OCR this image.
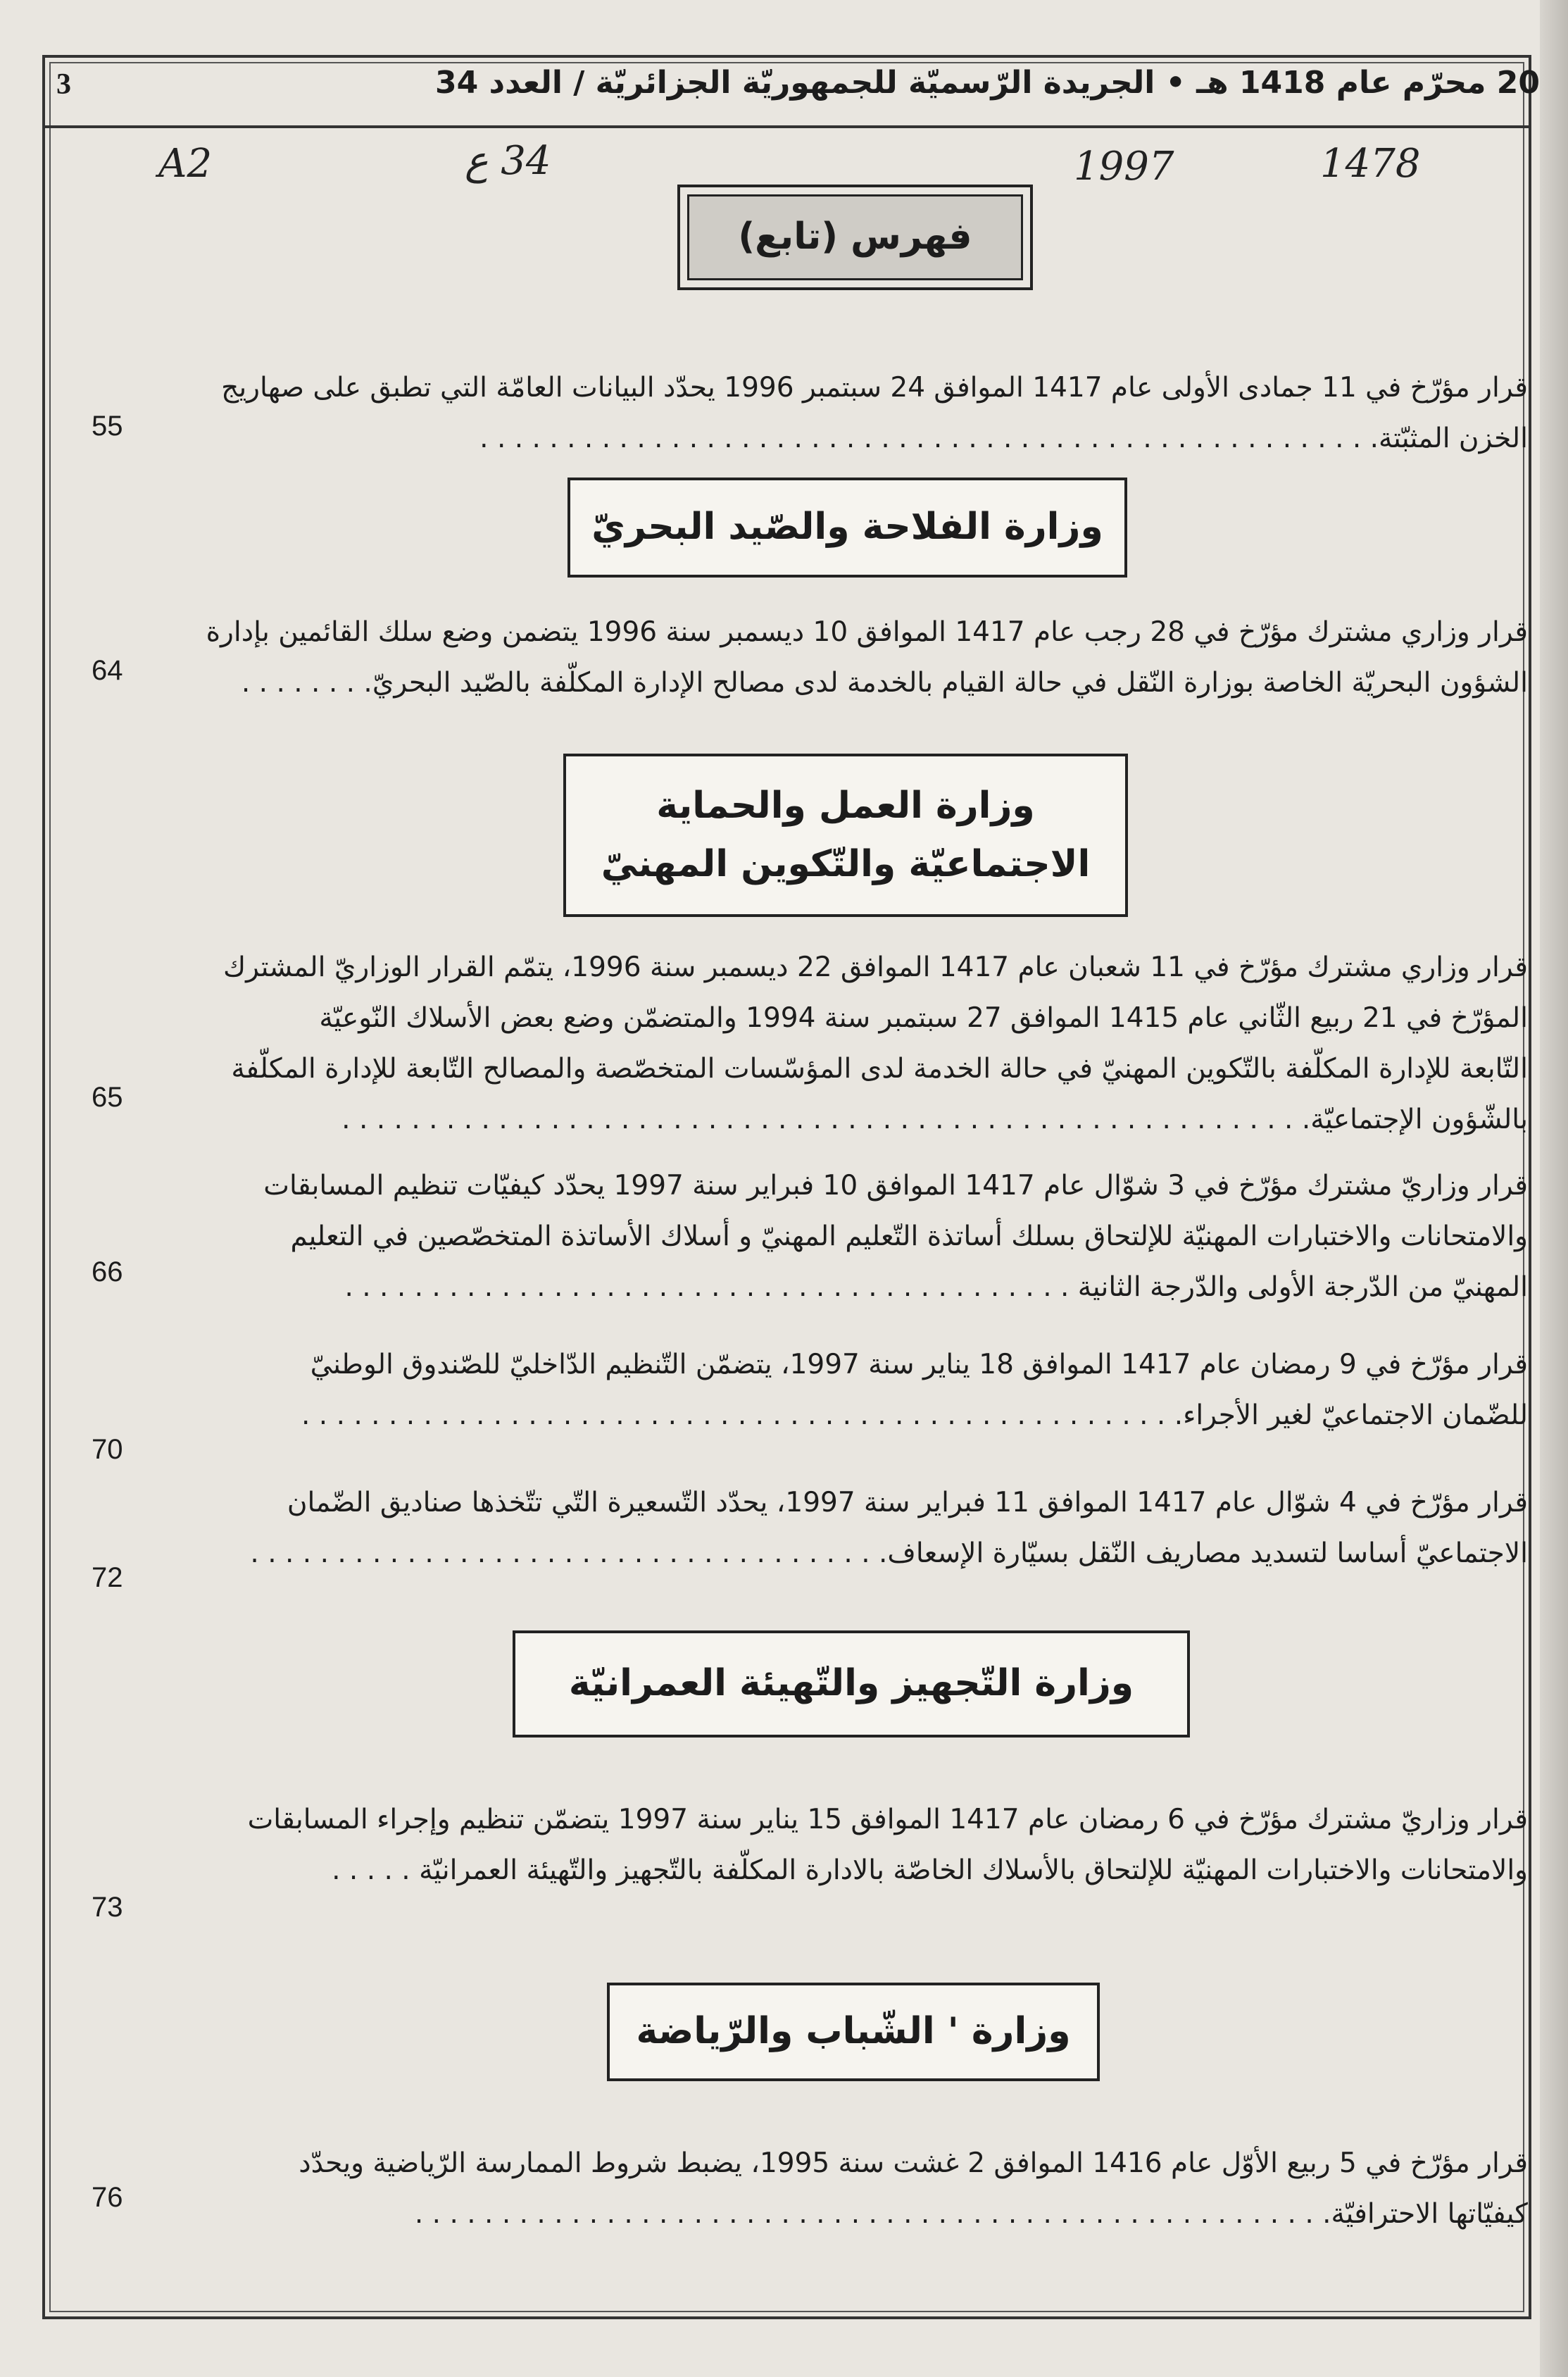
3	20 محرّم عام 1418 هـ • الجريدة الرّسميّة للجمهوريّة الجزائريّة / العدد 34
A2	34 ع	1997	1478
فهرس (تابع)
قرار مؤرّخ في 11 جمادى الأولى عام 1417 الموافق 24 سبتمبر 1996 يحدّد البيانات العامّة التي تطبق على صهاريج
الخزن المثبّتة. . . . . . . . . . . . . . . . . . . . . . . . . . . . . . . . . . . . . . . . . . . . . . . . . . . .
55
وزارة الفلاحة والصّيد البحريّ
قرار وزاري مشترك مؤرّخ في 28 رجب عام 1417 الموافق 10 ديسمبر سنة 1996 يتضمن وضع سلك القائمين بإدارة
الشؤون البحريّة الخاصة بوزارة النّقل في حالة القيام بالخدمة لدى مصالح الإدارة المكلّفة بالصّيد البحريّ. . . . . . . .
64
وزارة العمل والحماية
الاجتماعيّة والتّكوين المهنيّ
قرار وزاري مشترك مؤرّخ في 11 شعبان عام 1417 الموافق 22 ديسمبر سنة 1996، يتمّم القرار الوزاريّ المشترك
المؤرّخ في 21 ربيع الثّاني عام 1415 الموافق 27 سبتمبر سنة 1994 والمتضمّن وضع بعض الأسلاك النّوعيّة
التّابعة للإدارة المكلّفة بالتّكوين المهنيّ في حالة الخدمة لدى المؤسّسات المتخصّصة والمصالح التّابعة للإدارة المكلّفة
بالشّؤون الإجتماعيّة. . . . . . . . . . . . . . . . . . . . . . . . . . . . . . . . . . . . . . . . . . . . . . . . . . . . . . . .
65
قرار وزاريّ مشترك مؤرّخ في 3 شوّال عام 1417 الموافق 10 فبراير سنة 1997 يحدّد كيفيّات تنظيم المسابقات
والامتحانات والاختبارات المهنيّة للإلتحاق بسلك أساتذة التّعليم المهنيّ و أسلاك الأساتذة المتخصّصين في التعليم
المهنيّ من الدّرجة الأولى والدّرجة الثانية . . . . . . . . . . . . . . . . . . . . . . . . . . . . . . . . . . . . . . . . . .
66
قرار مؤرّخ في 9 رمضان عام 1417 الموافق 18 يناير سنة 1997، يتضمّن التّنظيم الدّاخليّ للصّندوق الوطنيّ
للضّمان الاجتماعيّ لغير الأجراء. . . . . . . . . . . . . . . . . . . . . . . . . . . . . . . . . . . . . . . . . . . . . . . . . . .
70
قرار مؤرّخ في 4 شوّال عام 1417 الموافق 11 فبراير سنة 1997، يحدّد التّسعيرة التّي تتّخذها صناديق الضّمان
الاجتماعيّ أساسا لتسديد مصاريف النّقل بسيّارة الإسعاف. . . . . . . . . . . . . . . . . . . . . . . . . . . . . . . . . . . . .
72
وزارة التّجهيز والتّهيئة العمرانيّة
قرار وزاريّ مشترك مؤرّخ في 6 رمضان عام 1417 الموافق 15 يناير سنة 1997 يتضمّن تنظيم وإجراء المسابقات
والامتحانات والاختبارات المهنيّة للإلتحاق بالأسلاك الخاصّة بالادارة المكلّفة بالتّجهيز والتّهيئة العمرانيّة . . . . .
73
وزارة ' الشّباب والرّياضة
قرار مؤرّخ في 5 ربيع الأوّل عام 1416 الموافق 2 غشت سنة 1995، يضبط شروط الممارسة الرّياضية ويحدّد
كيفيّاتها الاحترافيّة. . . . . . . . . . . . . . . . . . . . . . . . . . . . . . . . . . . . . . . . . . . . . . . . . . . . .
76
